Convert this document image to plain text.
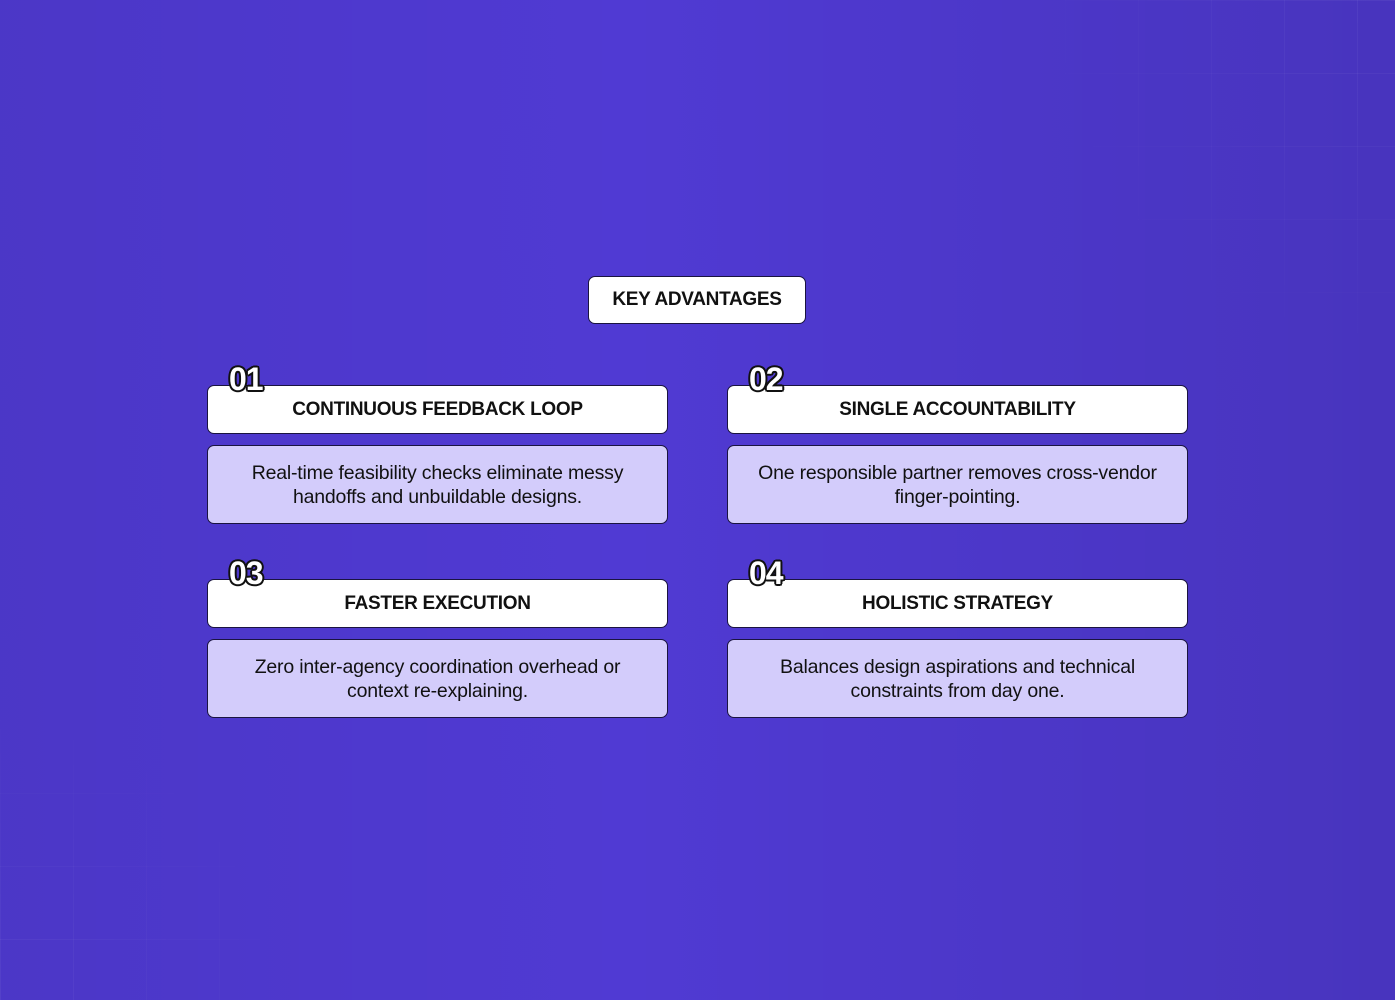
KEY ADVANTAGES
01
CONTINUOUS FEEDBACK LOOP
Real-time feasibility checks eliminate messy handoffs and unbuildable designs.
02
SINGLE ACCOUNTABILITY
One responsible partner removes cross-vendor finger-pointing.
03
FASTER EXECUTION
Zero inter-agency coordination overhead or context re-explaining.
04
HOLISTIC STRATEGY
Balances design aspirations and technical constraints from day one.
